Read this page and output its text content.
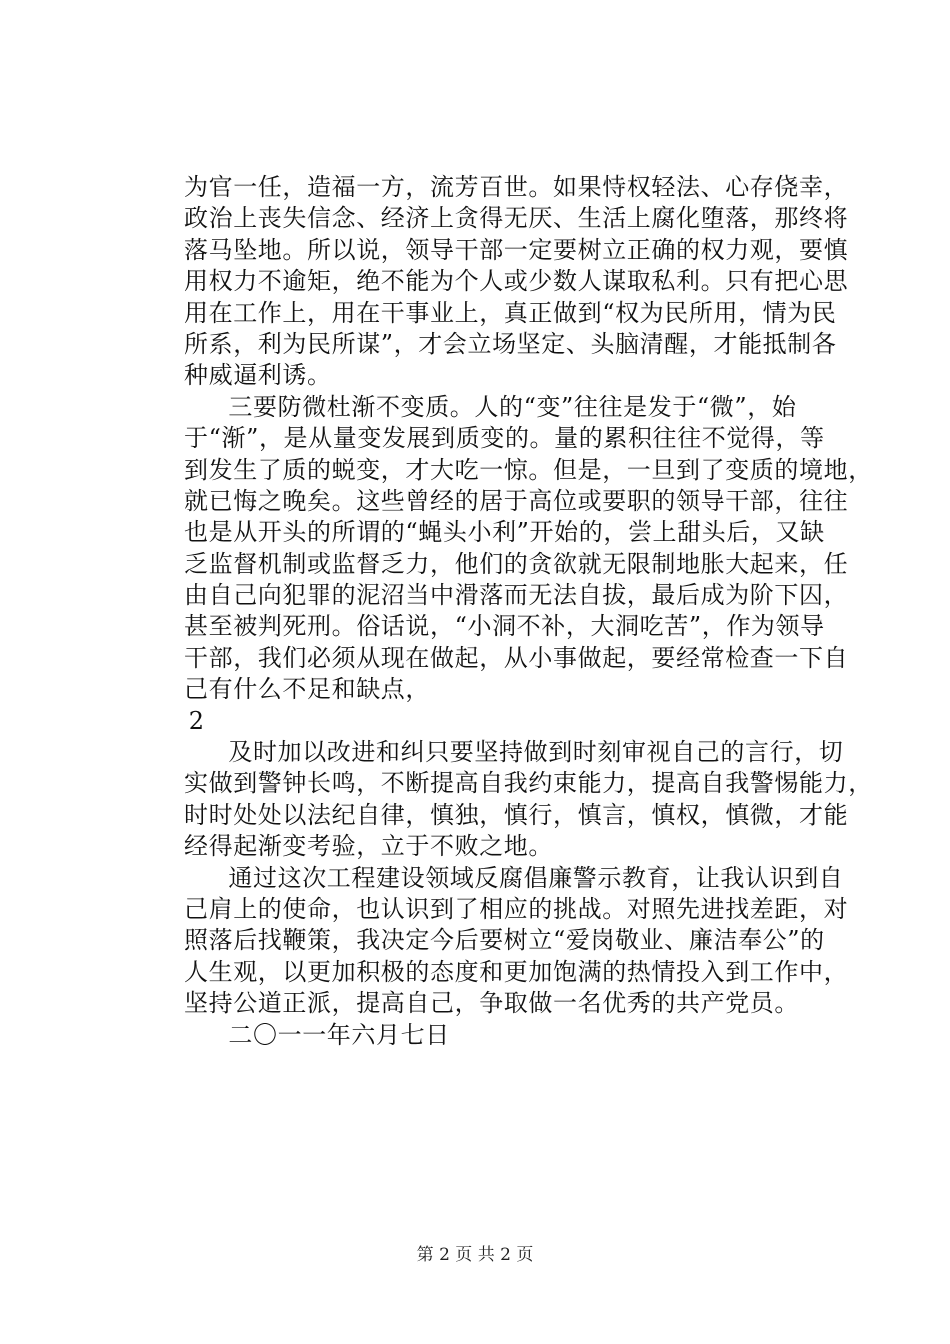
为官一任，造福一方，流芳百世。如果恃权轻法、心存侥幸，
政治上丧失信念、经济上贪得无厌、生活上腐化堕落，那终将
落马坠地。所以说，领导干部一定要树立正确的权力观，要慎
用权力不逾矩，绝不能为个人或少数人谋取私利。只有把心思
用在工作上，用在干事业上，真正做到“权为民所用，情为民
所系，利为民所谋”，才会立场坚定、头脑清醒，才能抵制各
种威逼利诱。
三要防微杜渐不变质。人的“变”往往是发于“微”，始
于“渐”，是从量变发展到质变的。量的累积往往不觉得，等
到发生了质的蜕变，才大吃一惊。但是，一旦到了变质的境地，
就已悔之晚矣。这些曾经的居于高位或要职的领导干部，往往
也是从开头的所谓的“蝇头小利”开始的，尝上甜头后，又缺
乏监督机制或监督乏力，他们的贪欲就无限制地胀大起来，任
由自己向犯罪的泥沼当中滑落而无法自拔，最后成为阶下囚，
甚至被判死刑。俗话说，“小洞不补，大洞吃苦”，作为领导
干部，我们必须从现在做起，从小事做起，要经常检查一下自
己有什么不足和缺点，
2
及时加以改进和纠只要坚持做到时刻审视自己的言行，切
实做到警钟长鸣，不断提高自我约束能力，提高自我警惕能力，
时时处处以法纪自律，慎独，慎行，慎言，慎权，慎微，才能
经得起渐变考验，立于不败之地。
通过这次工程建设领域反腐倡廉警示教育，让我认识到自
己肩上的使命，也认识到了相应的挑战。对照先进找差距，对
照落后找鞭策，我决定今后要树立“爱岗敬业、廉洁奉公”的
人生观，以更加积极的态度和更加饱满的热情投入到工作中，
坚持公道正派，提高自己，争取做一名优秀的共产党员。
二〇一一年六月七日
第 2 页 共 2 页
